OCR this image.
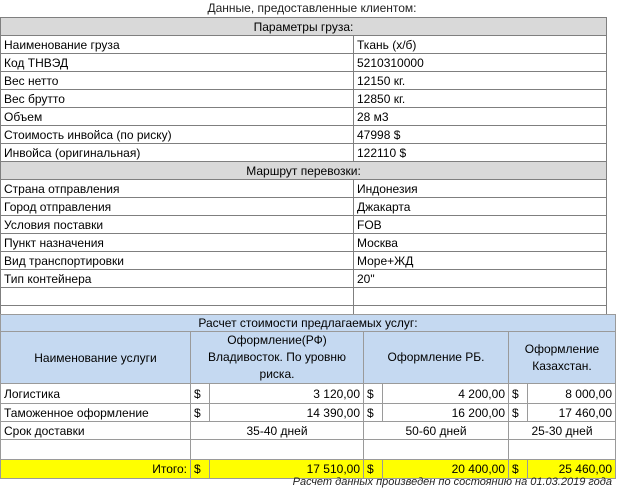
Данные, предоставленные клиентом:
Параметры груза:	
Наименование груза	Ткань (х/б)
Код ТНВЭД	5210310000
Вес нетто	12150 кг.
Вес брутто	12850 кг.
Объем	28 м3
Стоимость инвойса (по риску)	47998 $
Инвойса (оригинальная)	122110 $
Маршрут перевозки:	
Страна отправления	Индонезия
Город отправления	Джакарта
Условия поставки	FOB
Пункт назначения	Москва
Вид транспортировки	Море+ЖД
Тип контейнера	20"

Расчет стоимости предлагаемых услуг:						
Наименование услуги	Оформление(РФ) Владивосток. По уровню риска.		Оформление РБ.		Оформление Казахстан.	
Логистика	$	3 120,00	$	4 200,00	$	8 000,00
Таможенное оформление	$	14 390,00	$	16 200,00	$	17 460,00
Срок доставки	35-40 дней		50-60 дней		25-30 дней	

Итого:	$	17 510,00	$	20 400,00	$	25 460,00
Расчет данных произведен по состоянию на 01.03.2019 года
